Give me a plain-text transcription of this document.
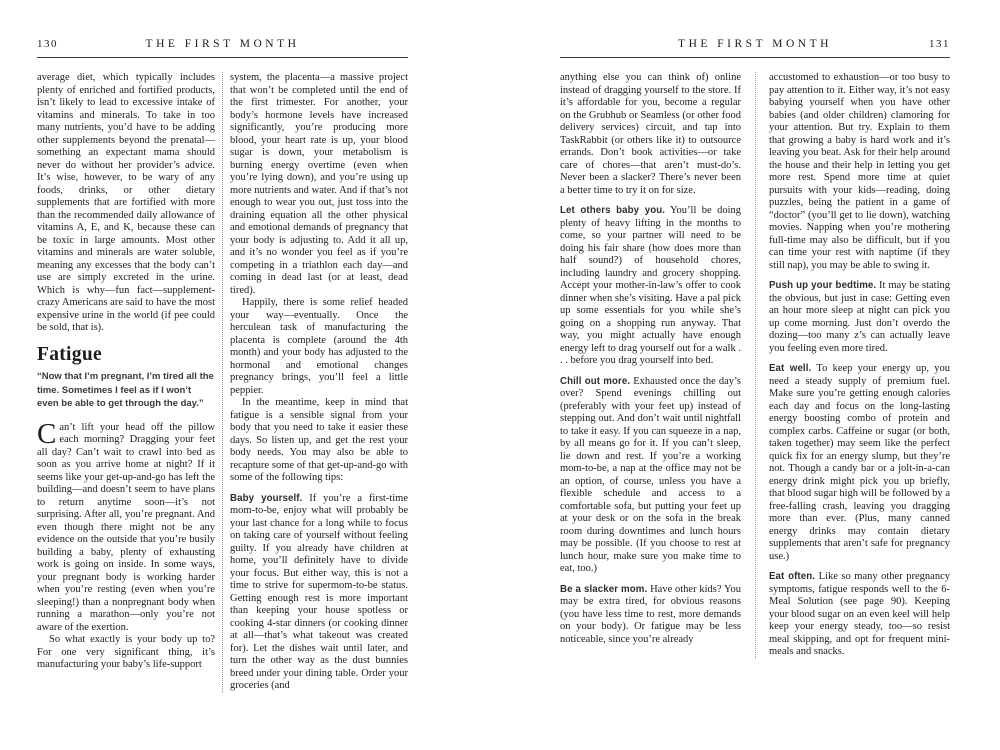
130	THE FIRST MONTH

average diet, which typically includes plenty of enriched and fortified products, isn’t likely to lead to excessive intake of vitamins and minerals. To take in too many nutrients, you’d have to be adding other supplements beyond the prenatal—something an expectant mama should never do without her provider’s advice. It’s wise, however, to be wary of any foods, drinks, or other dietary supplements that are fortified with more than the recommended daily allowance of vitamins A, E, and K, because these can be toxic in large amounts. Most other vitamins and minerals are water soluble, meaning any excesses that the body can’t use are simply excreted in the urine. Which is why—fun fact—supplement-crazy Americans are said to have the most expensive urine in the world (if pee could be sold, that is).

Fatigue

“Now that I’m pregnant, I’m tired all the time. Sometimes I feel as if I won’t even be able to get through the day.”

Can’t lift your head off the pillow each morning? Dragging your feet all day? Can’t wait to crawl into bed as soon as you arrive home at night? If it seems like your get-up-and-go has left the building—and doesn’t seem to have plans to return anytime soon—it’s not surprising. After all, you’re pregnant. And even though there might not be any evidence on the outside that you’re busily building a baby, plenty of exhausting work is going on inside. In some ways, your pregnant body is working harder when you’re resting (even when you’re sleeping!) than a nonpregnant body when running a marathon—only you’re not aware of the exertion.

So what exactly is your body up to? For one very significant thing, it’s manufacturing your baby’s life-support

system, the placenta—a massive project that won’t be completed until the end of the first trimester. For another, your body’s hormone levels have increased significantly, you’re producing more blood, your heart rate is up, your blood sugar is down, your metabolism is burning energy overtime (even when you’re lying down), and you’re using up more nutrients and water. And if that’s not enough to wear you out, just toss into the draining equation all the other physical and emotional demands of pregnancy that your body is adjusting to. Add it all up, and it’s no wonder you feel as if you’re competing in a triathlon each day—and coming in dead last (or at least, dead tired).

Happily, there is some relief headed your way—eventually. Once the herculean task of manufacturing the placenta is complete (around the 4th month) and your body has adjusted to the hormonal and emotional changes pregnancy brings, you’ll feel a little peppier.

In the meantime, keep in mind that fatigue is a sensible signal from your body that you need to take it easier these days. So listen up, and get the rest your body needs. You may also be able to recapture some of that get-up-and-go with some of the following tips:

Baby yourself. If you’re a first-time mom-to-be, enjoy what will probably be your last chance for a long while to focus on taking care of yourself without feeling guilty. If you already have children at home, you’ll definitely have to divide your focus. But either way, this is not a time to strive for supermom-to-be status. Getting enough rest is more important than keeping your house spotless or cooking 4-star dinners (or cooking dinner at all—that’s what takeout was created for). Let the dishes wait until later, and turn the other way as the dust bunnies breed under your dining table. Order your groceries (and

THE FIRST MONTH	131

anything else you can think of) online instead of dragging yourself to the store. If it’s affordable for you, become a regular on the Grubhub or Seamless (or other food delivery services) circuit, and tap into TaskRabbit (or others like it) to outsource errands. Don’t book activities—or take care of chores—that aren’t must-do’s. Never been a slacker? There’s never been a better time to try it on for size.

Let others baby you. You’ll be doing plenty of heavy lifting in the months to come, so your partner will need to be doing his fair share (how does more than half sound?) of household chores, including laundry and grocery shopping. Accept your mother-in-law’s offer to cook dinner when she’s visiting. Have a pal pick up some essentials for you while she’s going on a shopping run anyway. That way, you might actually have enough energy left to drag yourself out for a walk . . . before you drag yourself into bed.

Chill out more. Exhausted once the day’s over? Spend evenings chilling out (preferably with your feet up) instead of stepping out. And don’t wait until nightfall to take it easy. If you can squeeze in a nap, by all means go for it. If you can’t sleep, lie down and rest. If you’re a working mom-to-be, a nap at the office may not be an option, of course, unless you have a flexible schedule and access to a comfortable sofa, but putting your feet up at your desk or on the sofa in the break room during downtimes and lunch hours may be possible. (If you choose to rest at lunch hour, make sure you make time to eat, too.)

Be a slacker mom. Have other kids? You may be extra tired, for obvious reasons (you have less time to rest, more demands on your body). Or fatigue may be less noticeable, since you’re already

accustomed to exhaustion—or too busy to pay attention to it. Either way, it’s not easy babying yourself when you have other babies (and older children) clamoring for your attention. But try. Explain to them that growing a baby is hard work and it’s leaving you beat. Ask for their help around the house and their help in letting you get more rest. Spend more time at quiet pursuits with your kids—reading, doing puzzles, being the patient in a game of “doctor” (you’ll get to lie down), watching movies. Napping when you’re mothering full-time may also be difficult, but if you can time your rest with naptime (if they still nap), you may be able to swing it.

Push up your bedtime. It may be stating the obvious, but just in case: Getting even an hour more sleep at night can pick you up come morning. Just don’t overdo the dozing—too many z’s can actually leave you feeling even more tired.

Eat well. To keep your energy up, you need a steady supply of premium fuel. Make sure you’re getting enough calories each day and focus on the long-lasting energy boosting combo of protein and complex carbs. Caffeine or sugar (or both, taken together) may seem like the perfect quick fix for an energy slump, but they’re not. Though a candy bar or a jolt-in-a-can energy drink might pick you up briefly, that blood sugar high will be followed by a free-falling crash, leaving you dragging more than ever. (Plus, many canned energy drinks may contain dietary supplements that aren’t safe for pregnancy use.)

Eat often. Like so many other pregnancy symptoms, fatigue responds well to the 6-Meal Solution (see page 90). Keeping your blood sugar on an even keel will help keep your energy steady, too—so resist meal skipping, and opt for frequent mini-meals and snacks.
